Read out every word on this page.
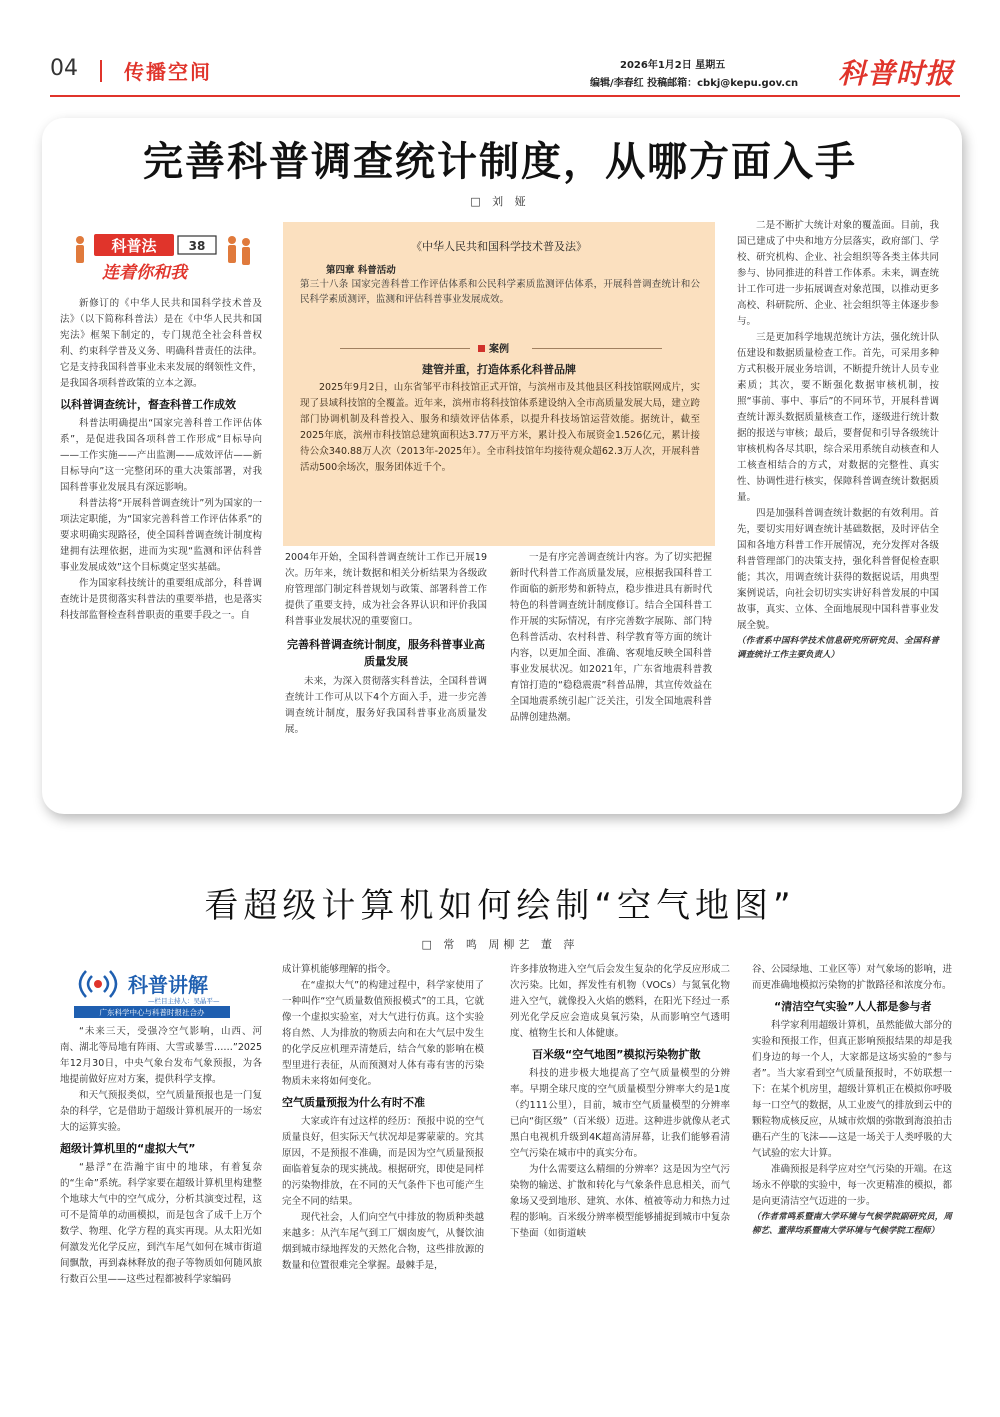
04 传播空间	2026年1月2日 星期五
编辑/李春红 投稿邮箱：cbkj@kepu.gov.cn 科普时报
完善科普调查统计制度，从哪方面入手
□ 刘 娅
科普法	38
连着你和我
《中华人民共和国科学技术普及法》
第四章 科普活动
第三十八条 国家完善科普工作评估体系和公民科学素质监测评估体系，开展科普调查统计和公民科学素质测评，监测和评估科普事业发展成效。
案例
建管并重，打造体系化科普品牌

2025年9月2日，山东省邹平市科技馆正式开馆，与滨州市及其他县区科技馆联网成片，实现了县域科技馆的全覆盖。近年来，滨州市将科技馆体系建设纳入全市高质量发展大局，建立跨部门协调机制及科普投入、服务和绩效评估体系，以提升科技场馆运营效能。据统计，截至2025年底，滨州市科技馆总建筑面积达3.77万平方米，累计投入布展资金1.526亿元，累计接待公众340.88万人次（2013年-2025年）。全市科技馆年均接待观众超62.3万人次，开展科普活动500余场次，服务团体近千个。

新修订的《中华人民共和国科学技术普及法》（以下简称科普法）是在《中华人民共和国宪法》框架下制定的，专门规范全社会科普权利、约束科学普及义务、明确科普责任的法律。它是支持我国科普事业未来发展的纲领性文件，是我国各项科普政策的立本之源。

以科普调查统计，督查科普工作成效

科普法明确提出“国家完善科普工作评估体系”，是促进我国各项科普工作形成“目标导向——工作实施——产出监测——成效评估——新目标导向”这一完整闭环的重大决策部署，对我国科普事业发展具有深远影响。

科普法将“开展科普调查统计”列为国家的一项法定职能，为“国家完善科普工作评估体系”的要求明确实现路径，使全国科普调查统计制度构建拥有法理依据，进而为实现“监测和评估科普事业发展成效”这个目标奠定坚实基础。

作为国家科技统计的重要组成部分，科普调查统计是贯彻落实科普法的重要举措，也是落实科技部监督检查科普职责的重要手段之一。自

2004年开始，全国科普调查统计工作已开展19次。历年来，统计数据和相关分析结果为各级政府管理部门制定科普规划与政策、部署科普工作提供了重要支持，成为社会各界认识和评价我国科普事业发展状况的重要窗口。

完善科普调查统计制度，服务科普事业高质量发展

未来，为深入贯彻落实科普法，全国科普调查统计工作可从以下4个方面入手，进一步完善调查统计制度，服务好我国科普事业高质量发展。

一是有序完善调查统计内容。为了切实把握新时代科普工作高质量发展，应根据我国科普工作面临的新形势和新特点，稳步推进具有新时代特色的科普调查统计制度修订。结合全国科普工作开展的实际情况，有序完善数字展陈、部门特色科普活动、农村科普、科学教育等方面的统计内容，以更加全面、准确、客观地反映全国科普事业发展状况。如2021年，广东省地震科普教育馆打造的“稳稳震震”科普品牌，其宣传效益在全国地震系统引起广泛关注，引发全国地震科普品牌创建热潮。

二是不断扩大统计对象的覆盖面。目前，我国已建成了中央和地方分层落实，政府部门、学校、研究机构、企业、社会组织等各类主体共同参与、协同推进的科普工作体系。未来，调查统计工作可进一步拓展调查对象范围，以推动更多高校、科研院所、企业、社会组织等主体逐步参与。

三是更加科学地规范统计方法，强化统计队伍建设和数据质量检查工作。首先，可采用多种方式积极开展业务培训，不断提升统计人员专业素质；其次，要不断强化数据审核机制，按照“事前、事中、事后”的不同环节，开展科普调查统计源头数据质量核查工作，逐级进行统计数据的报送与审核；最后，要督促和引导各级统计审核机构各尽其职，综合采用系统自动核查和人工核查相结合的方式，对数据的完整性、真实性、协调性进行核实，保障科普调查统计数据质量。

四是加强科普调查统计数据的有效利用。首先，要切实用好调查统计基础数据，及时评估全国和各地方科普工作开展情况，充分发挥对各级科普管理部门的决策支持，强化科普督促检查职能；其次，用调查统计获得的数据说话，用典型案例说话，向社会切切实实讲好科普发展的中国故事，真实、立体、全面地展现中国科普事业发展全貌。

（作者系中国科学技术信息研究所研究员、全国科普调查统计工作主要负责人）
看超级计算机如何绘制“空气地图”
□ 常 鸣 周柳艺 董 萍
科普讲解
—栏目主持人：吴晶平—
广东科学中心与科普时报社合办

“未来三天，受强冷空气影响，山西、河南、湖北等局地有阵雨、大雪或暴雪……”2025年12月30日，中央气象台发布气象预报，为各地提前做好应对方案，提供科学支撑。

和天气预报类似，空气质量预报也是一门复杂的科学，它是借助于超级计算机展开的一场宏大的运算实验。

超级计算机里的“虚拟大气”

“悬浮”在浩瀚宇宙中的地球，有着复杂的“生命”系统。科学家要在超级计算机里构建整个地球大气中的空气成分，分析其演变过程，这可不是简单的动画模拟，而是包含了成千上万个数学、物理、化学方程的真实再现。从太阳光如何激发光化学反应，到汽车尾气如何在城市街道间飘散，再到森林释放的孢子等物质如何随风旅行数百公里——这些过程都被科学家编码

成计算机能够理解的指令。

在“虚拟大气”的构建过程中，科学家使用了一种叫作“空气质量数值预报模式”的工具，它就像一个虚拟实验室，对大气进行仿真。这个实验将自然、人为排放的物质去向和在大气层中发生的化学反应机理弄清楚后，结合气象的影响在模型里进行表征，从而预测对人体有毒有害的污染物质未来将如何变化。

空气质量预报为什么有时不准

大家或许有过这样的经历：预报中说的空气质量良好，但实际天气状况却是雾蒙蒙的。究其原因，不是预报不准确，而是因为空气质量预报面临着复杂的现实挑战。根据研究，即使是同样的污染物排放，在不同的天气条件下也可能产生完全不同的结果。

现代社会，人们向空气中排放的物质种类越来越多：从汽车尾气到工厂烟囱废气，从餐饮油烟到城市绿地挥发的天然化合物，这些排放源的数量和位置很难完全掌握。最棘手是，

许多排放物进入空气后会发生复杂的化学反应形成二次污染。比如，挥发性有机物（VOCs）与氮氧化物进入空气，就像投入火焰的燃料，在阳光下经过一系列光化学反应会造成臭氧污染，从而影响空气透明度、植物生长和人体健康。

百米级“空气地图”模拟污染物扩散

科技的进步极大地提高了空气质量模型的分辨率。早期全球尺度的空气质量模型分辨率大约是1度（约111公里），目前，城市空气质量模型的分辨率已向“街区级”（百米级）迈进。这种进步就像从老式黑白电视机升级到4K超高清屏幕，让我们能够看清空气污染在城市中的真实分布。

为什么需要这么精细的分辨率？这是因为空气污染物的输送、扩散和转化与气象条件息息相关，而气象场又受到地形、建筑、水体、植被等动力和热力过程的影响。百米级分辨率模型能够捕捉到城市中复杂下垫面（如街道峡

谷、公园绿地、工业区等）对气象场的影响，进而更准确地模拟污染物的扩散路径和浓度分布。

“清洁空气实验”人人都是参与者

科学家利用超级计算机，虽然能做大部分的实验和预报工作，但真正影响预报结果的却是我们身边的每一个人，大家都是这场实验的“参与者”。当大家看到空气质量预报时，不妨联想一下：在某个机房里，超级计算机正在模拟你呼吸每一口空气的数据，从工业废气的排放到云中的颗粒物成核反应，从城市炊烟的弥散到海浪拍击礁石产生的飞沫——这是一场关于人类呼吸的大气试验的宏大计算。

准确预报是科学应对空气污染的开端。在这场永不停歇的实验中，每一次更精准的模拟，都是向更清洁空气迈进的一步。

（作者常鸣系暨南大学环境与气候学院副研究员，周柳艺、董萍均系暨南大学环境与气候学院工程师）
